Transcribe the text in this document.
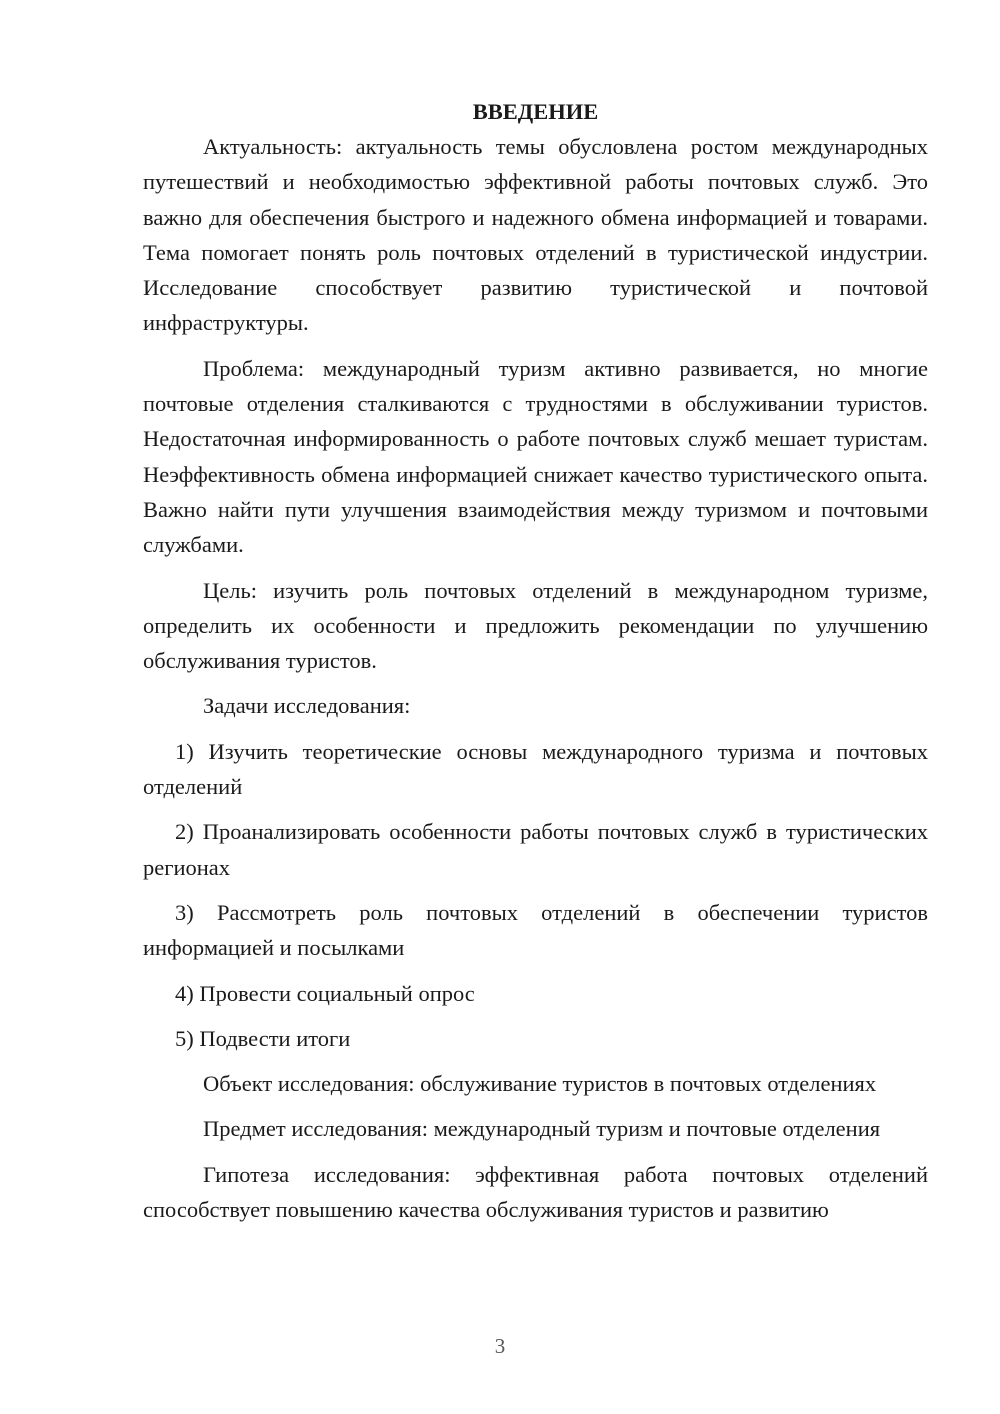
ВВЕДЕНИЕ

Актуальность: актуальность темы обусловлена ростом международных путешествий и необходимостью эффективной работы почтовых служб. Это важно для обеспечения быстрого и надежного обмена информацией и товарами. Тема помогает понять роль почтовых отделений в туристической индустрии. Исследование способствует развитию туристической и почтовой инфраструктуры.

Проблема: международный туризм активно развивается, но многие почтовые отделения сталкиваются с трудностями в обслуживании туристов. Недостаточная информированность о работе почтовых служб мешает туристам. Неэффективность обмена информацией снижает качество туристического опыта. Важно найти пути улучшения взаимодействия между туризмом и почтовыми службами.

Цель: изучить роль почтовых отделений в международном туризме, определить их особенности и предложить рекомендации по улучшению обслуживания туристов.

Задачи исследования:

1) Изучить теоретические основы международного туризма и почтовых отделений

2) Проанализировать особенности работы почтовых служб в туристических регионах

3) Рассмотреть роль почтовых отделений в обеспечении туристов информацией и посылками

4) Провести социальный опрос

5) Подвести итоги

Объект исследования: обслуживание туристов в почтовых отделениях

Предмет исследования: международный туризм и почтовые отделения

Гипотеза исследования: эффективная работа почтовых отделений способствует повышению качества обслуживания туристов и развитию

3
